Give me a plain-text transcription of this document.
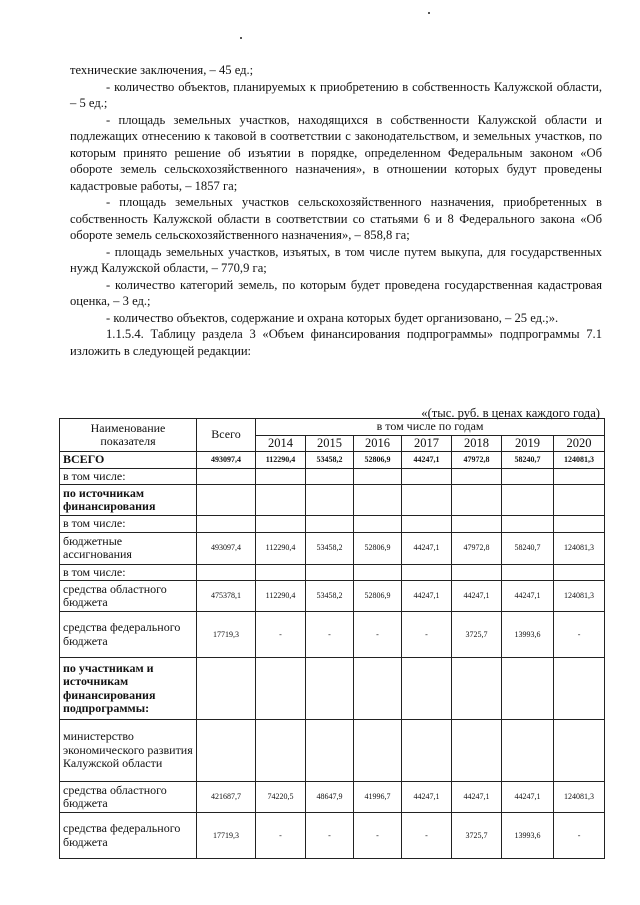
технические заключения, – 45 ед.;

- количество объектов, планируемых к приобретению в собственность Калужской области, – 5 ед.;

- площадь земельных участков, находящихся в собственности Калужской области и подлежащих отнесению к таковой в соответствии с законодательством, и земельных участков, по которым принято решение об изъятии в порядке, определенном Федеральным законом «Об обороте земель сельскохозяйственного назначения», в отношении которых будут проведены кадастровые работы, – 1857 га;

- площадь земельных участков сельскохозяйственного назначения, приобретенных в собственность Калужской области в соответствии со статьями 6 и 8 Федерального закона «Об обороте земель сельскохозяйственного назначения», – 858,8 га;

- площадь земельных участков, изъятых, в том числе путем выкупа, для государственных нужд Калужской области, – 770,9 га;

- количество категорий земель, по которым будет проведена государственная кадастровая оценка, – 3 ед.;

- количество объектов, содержание и охрана которых будет организовано, – 25 ед.;».

1.1.5.4. Таблицу раздела 3 «Объем финансирования подпрограммы» подпрограммы 7.1 изложить в следующей редакции:

«(тыс. руб. в ценах каждого года)
Наименование показателя	Всего	в том числе по годам						
		2014	2015	2016	2017	2018	2019	2020
ВСЕГО	493097,4	112290,4	53458,2	52806,9	44247,1	47972,8	58240,7	124081,3
в том числе:								
по источникам финансирования								
в том числе:								
бюджетные ассигнования	493097,4	112290,4	53458,2	52806,9	44247,1	47972,8	58240,7	124081,3
в том числе:								
средства областного бюджета	475378,1	112290,4	53458,2	52806,9	44247,1	44247,1	44247,1	124081,3
средства федерального бюджета	17719,3	-	-	-	-	3725,7	13993,6	-
по участникам и источникам финансирования подпрограммы:								
министерство экономического развития Калужской области								
средства областного бюджета	421687,7	74220,5	48647,9	41996,7	44247,1	44247,1	44247,1	124081,3
средства федерального бюджета	17719,3	-	-	-	-	3725,7	13993,6	-
